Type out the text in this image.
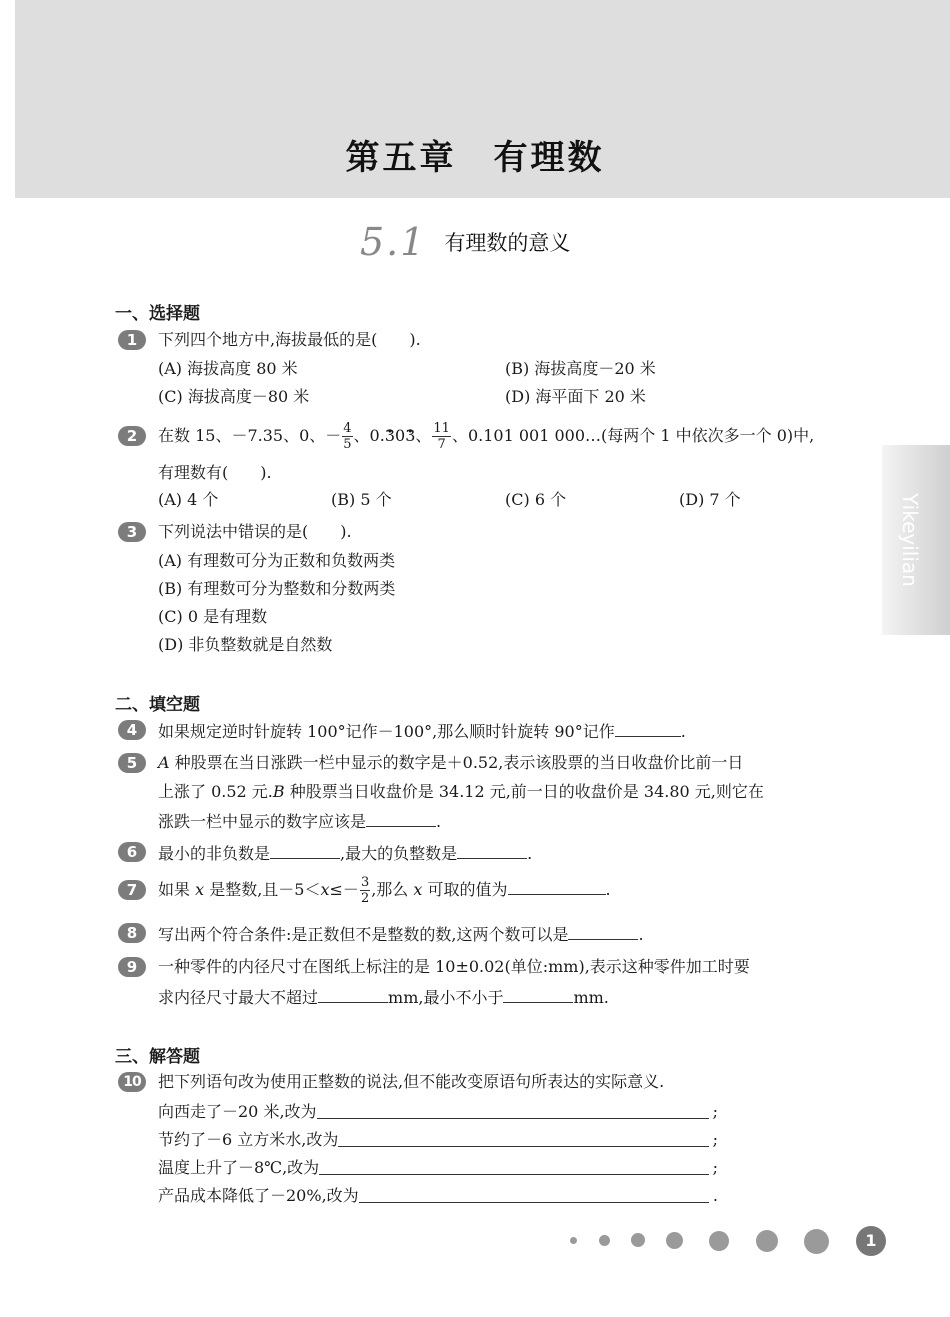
第五章　有理数
5.1 有理数的意义
Yikeyilian
一、选择题
1	下列四个地方中,海拔最低的是(　　).
(A) 海拔高度 80 米	(B) 海拔高度－20 米
(C) 海拔高度－80 米	(D) 海平面下 20 米
2	在数 15、－7.35、0、－ $\frac{4}{5}$ 、0.· 30· 3、 $\frac{11}{7}$ 、0.101 001 000…(每两个 1 中依次多一个 0)中,
有理数有(　　).
(A) 4 个	(B) 5 个	(C) 6 个	(D) 7 个
3	下列说法中错误的是(　　).
(A) 有理数可分为正数和负数两类
(B) 有理数可分为整数和分数两类
(C) 0 是有理数
(D) 非负整数就是自然数
二、填空题
4	如果规定逆时针旋转 100°记作－100°,那么顺时针旋转 90°记作	.
5	A 种股票在当日涨跌一栏中显示的数字是＋0.52,表示该股票的当日收盘价比前一日
上涨了 0.52 元.B 种股票当日收盘价是 34.12 元,前一日的收盘价是 34.80 元,则它在
涨跌一栏中显示的数字应该是	.
6	最小的非负数是	,最大的负整数是	.
7	如果 x 是整数,且$-5<x\le- \frac{3}{2}$ ,那么 x 可取的值为	.
8	写出两个符合条件:是正数但不是整数的数,这两个数可以是	.
9	一种零件的内径尺寸在图纸上标注的是 10±0.02(单位:mm),表示这种零件加工时要
求内径尺寸最大不超过	mm,最小不小于	mm.
三、解答题
10	把下列语句改为使用正整数的说法,但不能改变原语句所表达的实际意义.
向西走了－20 米,改为	;
节约了－6 立方米水,改为	;
温度上升了－8℃,改为	;
产品成本降低了－20%,改为	.
1
